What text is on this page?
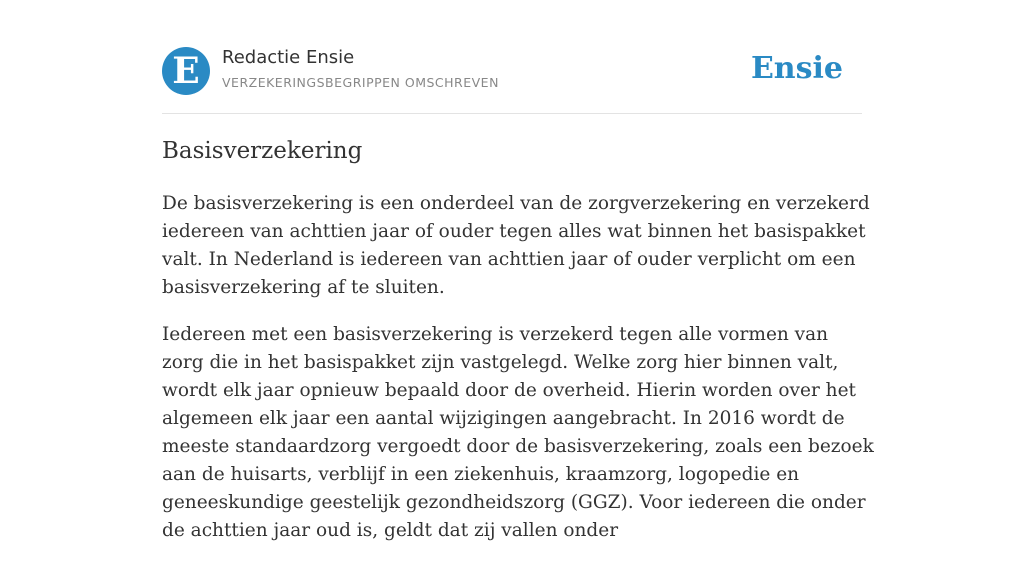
E	Redactie Ensie
VERZEKERINGSBEGRIPPEN OMSCHREVEN	Ensie
Basisverzekering

De basisverzekering is een onderdeel van de zorgverzekering en verzekerd iedereen van achttien jaar of ouder tegen alles wat binnen het basispakket valt. In Nederland is iedereen van achttien jaar of ouder verplicht om een basisverzekering af te sluiten.

Iedereen met een basisverzekering is verzekerd tegen alle vormen van zorg die in het basispakket zijn vastgelegd. Welke zorg hier binnen valt, wordt elk jaar opnieuw bepaald door de overheid. Hierin worden over het algemeen elk jaar een aantal wijzigingen aangebracht. In 2016 wordt de meeste standaardzorg vergoedt door de basisverzekering, zoals een bezoek aan de huisarts, verblijf in een ziekenhuis, kraamzorg, logopedie en geneeskundige geestelijk gezondheidszorg (GGZ). Voor iedereen die onder de achttien jaar oud is, geldt dat zij vallen onder
